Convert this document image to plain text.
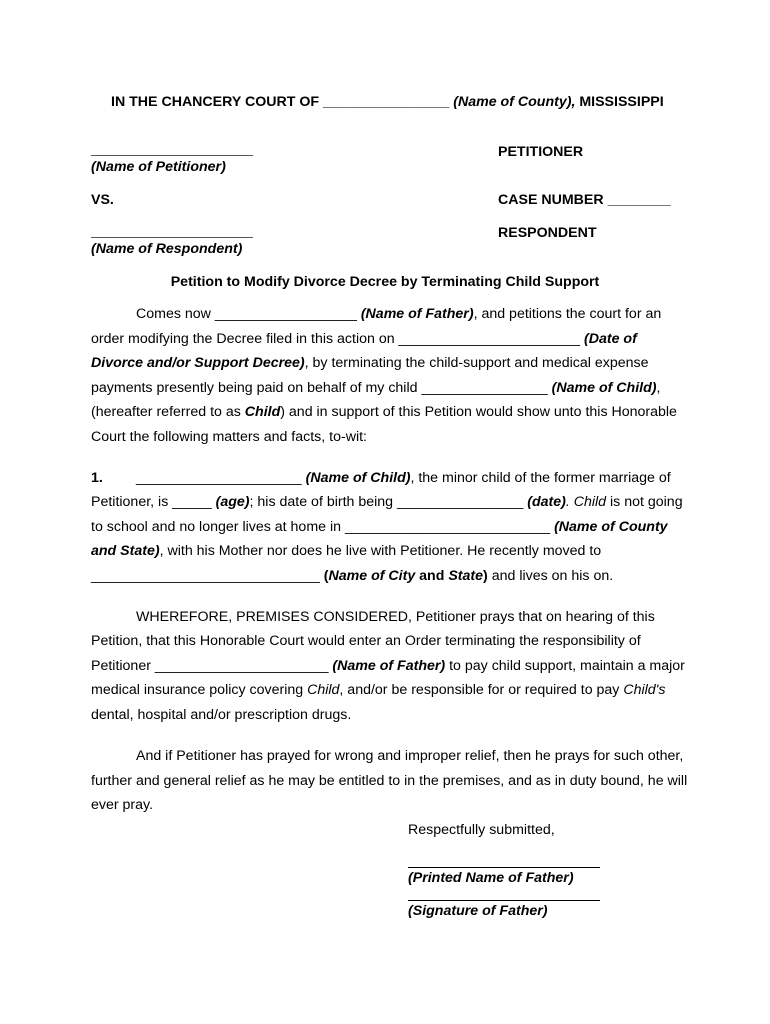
IN THE CHANCERY COURT OF ________________ (Name of County), MISSISSIPPI
(Name of Petitioner)
PETITIONER
VS.	CASE NUMBER ________
(Name of Respondent)
RESPONDENT
Petition to Modify Divorce Decree by Terminating Child Support
Comes now __________________ (Name of Father), and petitions the court for an
order modifying the Decree filed in this action on _______________________ (Date of
Divorce and/or Support Decree), by terminating the child-support and medical expense
payments presently being paid on behalf of my child ________________ (Name of Child),
(hereafter referred to as Child) and in support of this Petition would show unto this Honorable
Court the following matters and facts, to-wit:
1. _____________________ (Name of Child), the minor child of the former marriage of
Petitioner, is _____ (age); his date of birth being ________________ (date). Child is not going
to school and no longer lives at home in __________________________ (Name of County
and State), with his Mother nor does he live with Petitioner. He recently moved to
_____________________________ (Name of City and State) and lives on his on.
WHEREFORE, PREMISES CONSIDERED, Petitioner prays that on hearing of this
Petition, that this Honorable Court would enter an Order terminating the responsibility of
Petitioner ______________________ (Name of Father) to pay child support, maintain a major
medical insurance policy covering Child, and/or be responsible for or required to pay Child's
dental, hospital and/or prescription drugs.
And if Petitioner has prayed for wrong and improper relief, then he prays for such other,
further and general relief as he may be entitled to in the premises, and as in duty bound, he will
ever pray.
Respectfully submitted,
(Printed Name of Father)
(Signature of Father)
